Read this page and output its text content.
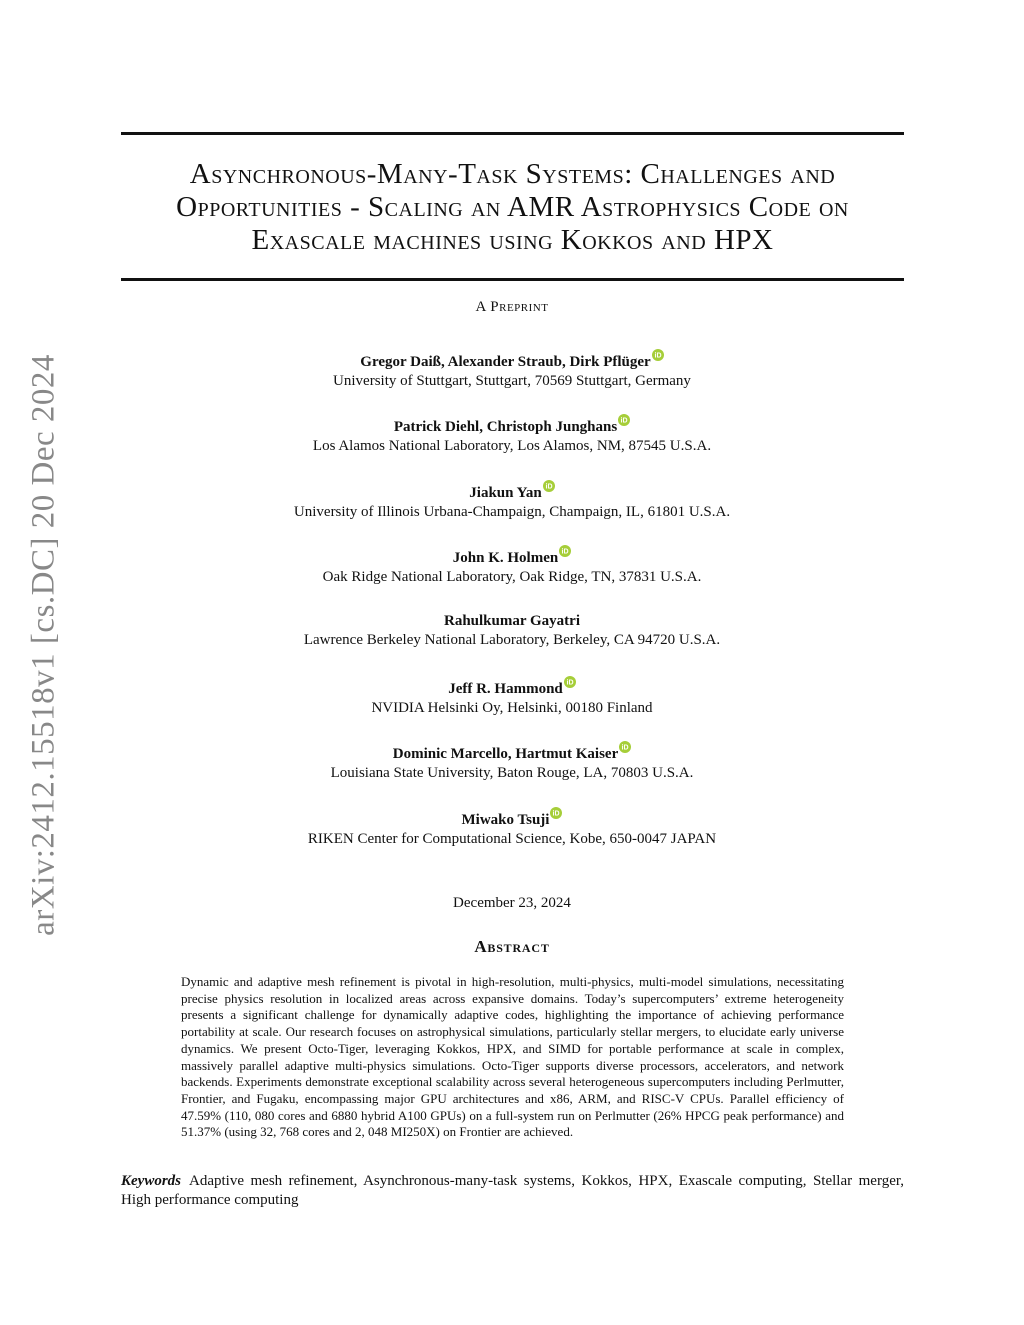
arXiv:2412.15518v1 [cs.DC] 20 Dec 2024
Asynchronous-Many-Task Systems: Challenges and Opportunities - Scaling an AMR Astrophysics Code on Exascale machines using Kokkos and HPX
A Preprint
Gregor Daiß, Alexander Straub, Dirk Pflüger iD
University of Stuttgart, Stuttgart, 70569 Stuttgart, Germany
Patrick Diehl, Christoph Junghans iD
Los Alamos National Laboratory, Los Alamos, NM, 87545 U.S.A.
Jiakun Yan iD
University of Illinois Urbana-Champaign, Champaign, IL, 61801 U.S.A.
John K. Holmen iD
Oak Ridge National Laboratory, Oak Ridge, TN, 37831 U.S.A.
Rahulkumar Gayatri
Lawrence Berkeley National Laboratory, Berkeley, CA 94720 U.S.A.
Jeff R. Hammond iD
NVIDIA Helsinki Oy, Helsinki, 00180 Finland
Dominic Marcello, Hartmut Kaiser iD
Louisiana State University, Baton Rouge, LA, 70803 U.S.A.
Miwako Tsuji iD
RIKEN Center for Computational Science, Kobe, 650-0047 JAPAN
December 23, 2024
Abstract
Dynamic and adaptive mesh refinement is pivotal in high-resolution, multi-physics, multi-model simulations, necessitating precise physics resolution in localized areas across expansive domains. Today’s supercomputers’ extreme heterogeneity presents a significant challenge for dynamically adaptive codes, highlighting the importance of achieving performance portability at scale. Our research focuses on astrophysical simulations, particularly stellar mergers, to elucidate early universe dynamics. We present Octo-Tiger, leveraging Kokkos, HPX, and SIMD for portable performance at scale in complex, massively parallel adaptive multi-physics simulations. Octo-Tiger supports diverse processors, accelerators, and network backends. Experiments demonstrate exceptional scalability across several heterogeneous supercomputers including Perlmutter, Frontier, and Fugaku, encompassing major GPU architectures and x86, ARM, and RISC-V CPUs. Parallel efficiency of 47.59% (110, 080 cores and 6880 hybrid A100 GPUs) on a full-system run on Perlmutter (26% HPCG peak performance) and 51.37% (using 32, 768 cores and 2, 048 MI250X) on Frontier are achieved.
Keywords Adaptive mesh refinement, Asynchronous-many-task systems, Kokkos, HPX, Exascale computing, Stellar merger, High performance computing
